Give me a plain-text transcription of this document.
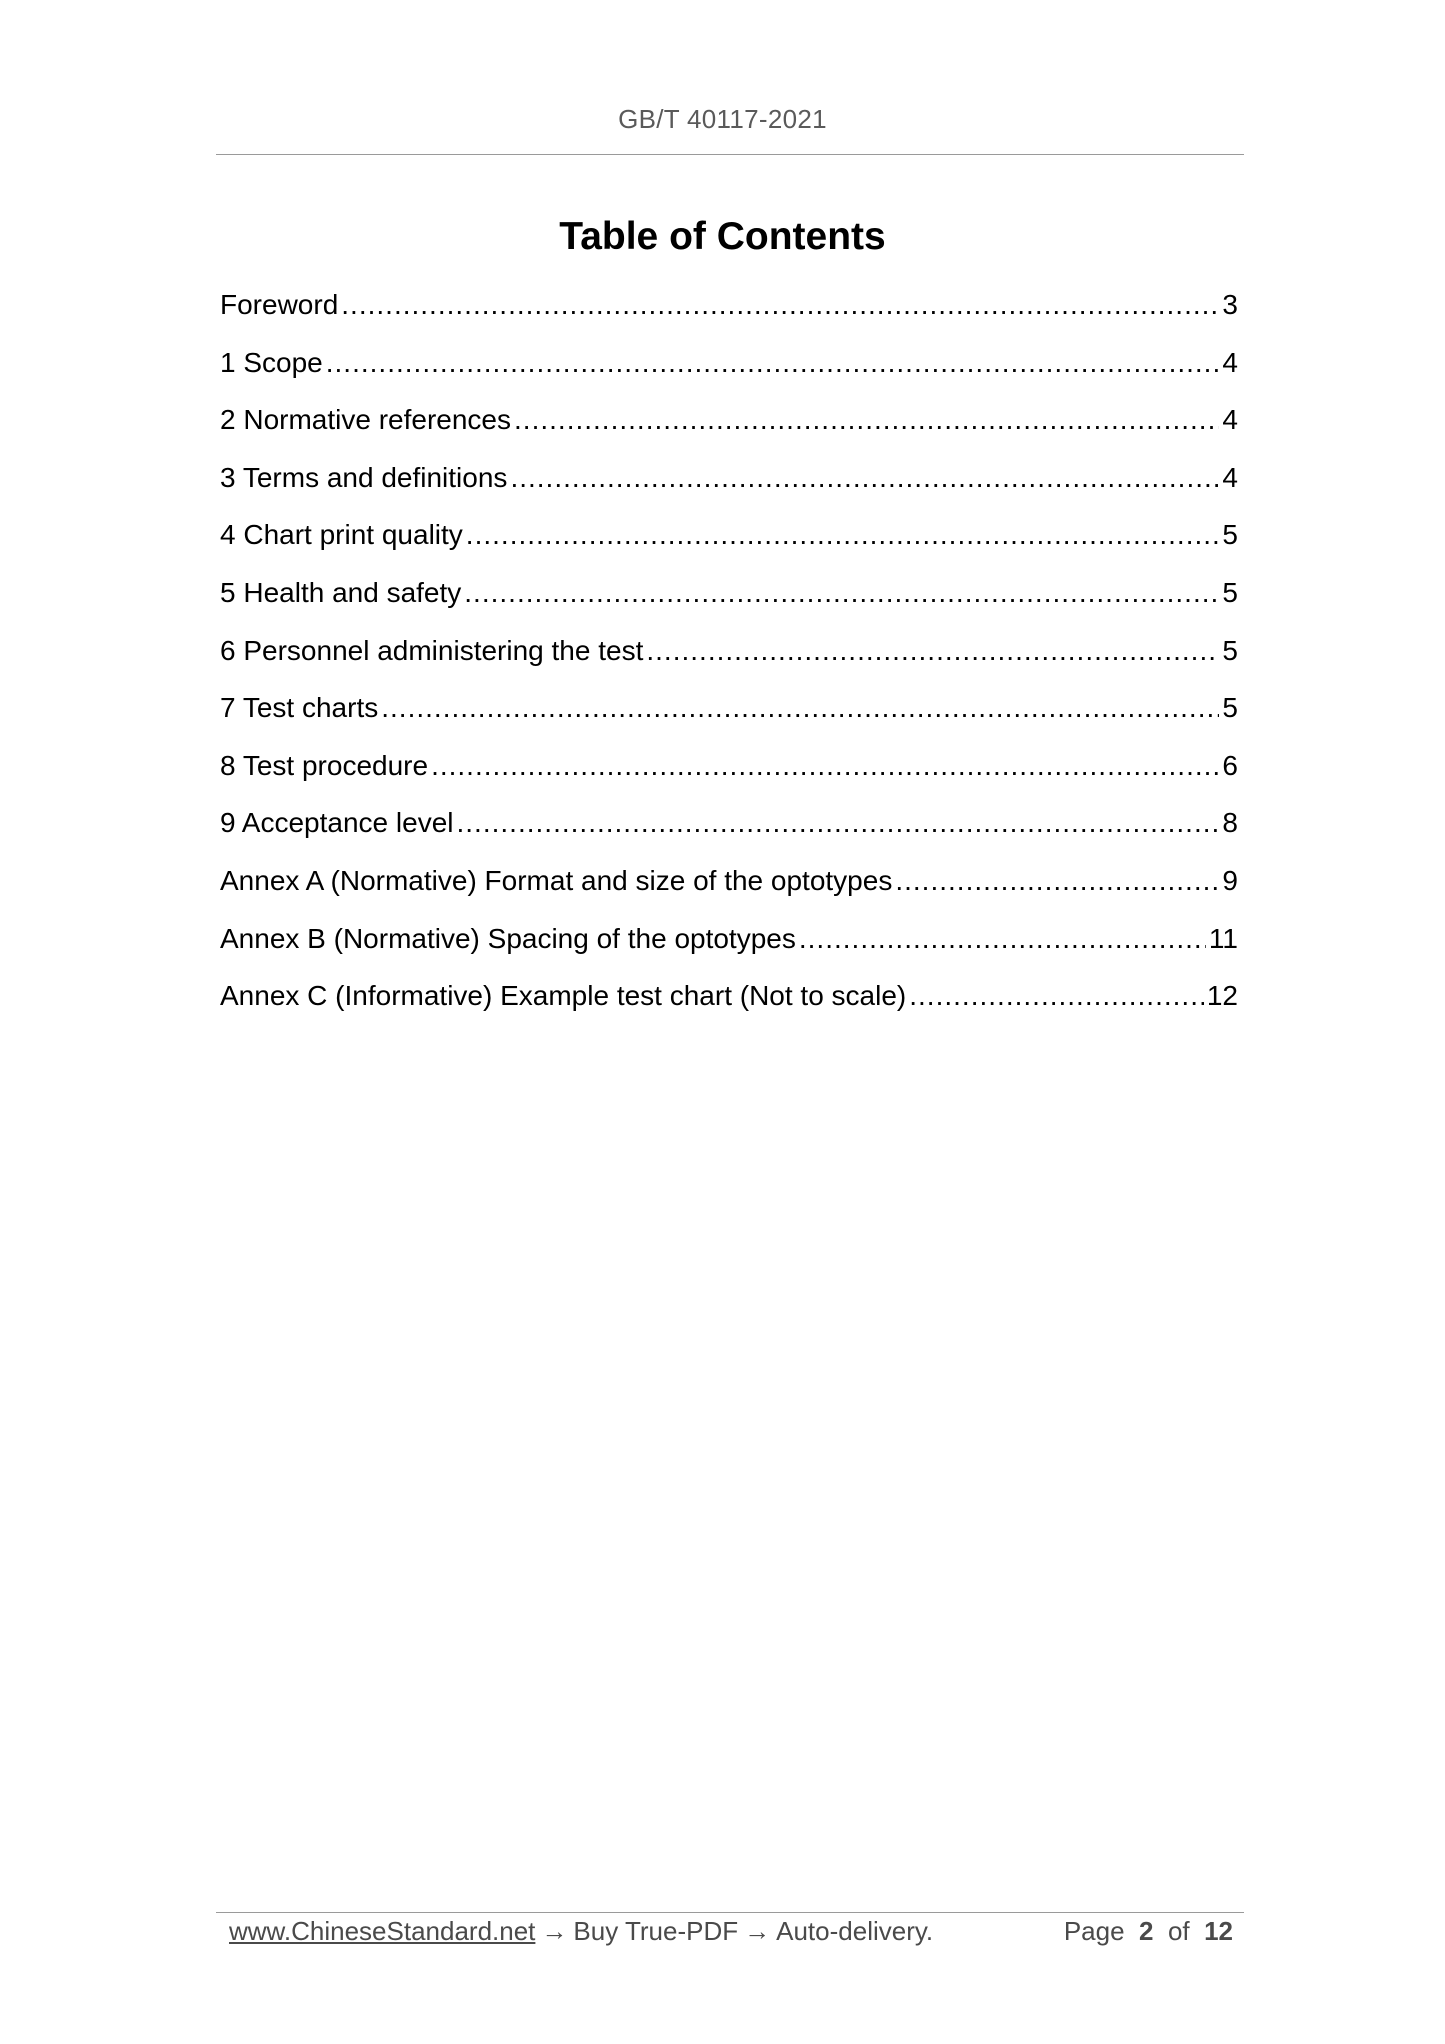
GB/T 40117-2021
Table of Contents
Foreword .....	3
1 Scope .....	4
2 Normative references .....	4
3 Terms and definitions .....	4
4 Chart print quality .....	5
5 Health and safety .....	5
6 Personnel administering the test .....	5
7 Test charts .....	5
8 Test procedure .....	6
9 Acceptance level .....	8
Annex A (Normative) Format and size of the optotypes .....	9
Annex B (Normative) Spacing of the optotypes .....	11
Annex C (Informative) Example test chart (Not to scale) .....	12
www.ChineseStandard.net → Buy True-PDF → Auto-delivery.	Page 2 of 12
